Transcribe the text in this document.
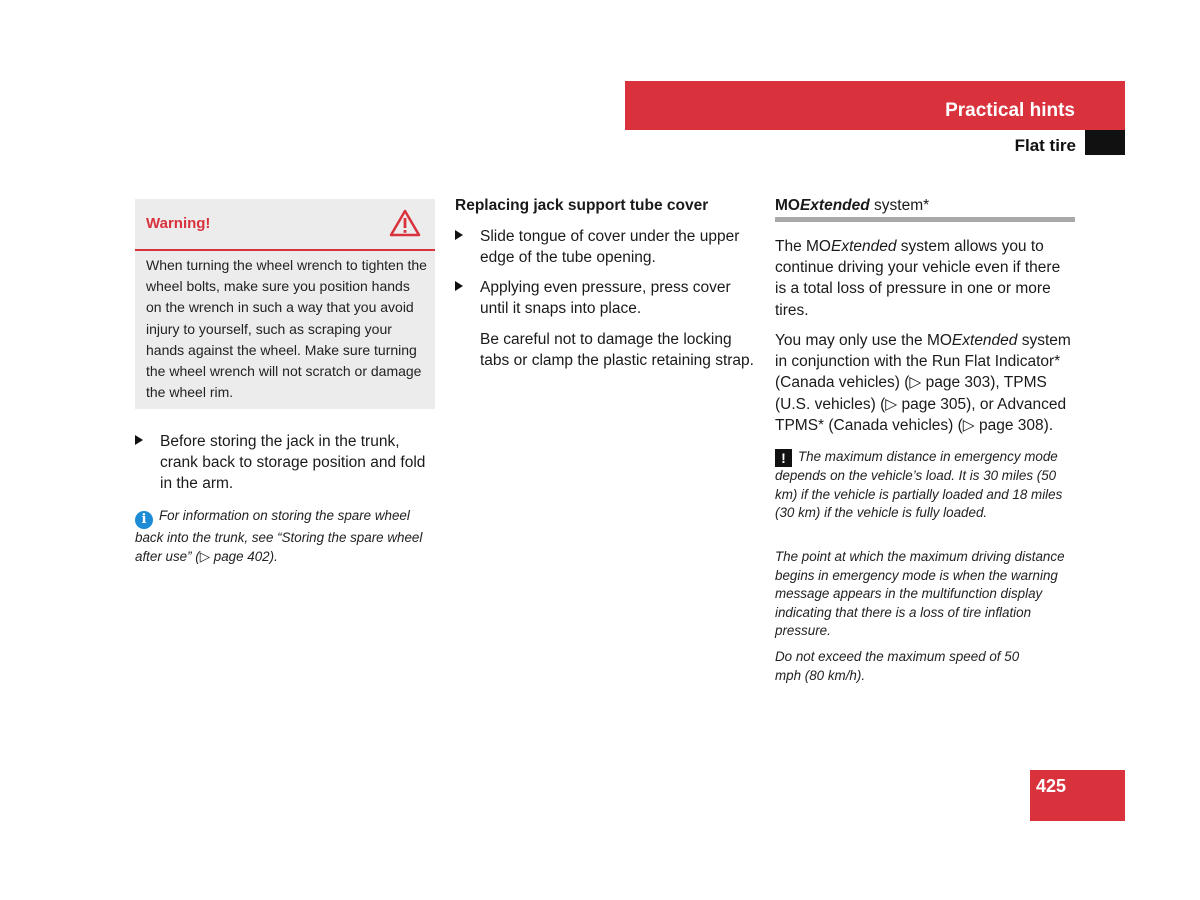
Practical hints
Flat tire
Warning!
When turning the wheel wrench to tighten the wheel bolts, make sure you position hands on the wrench in such a way that you avoid injury to yourself, such as scraping your hands against the wheel. Make sure turning the wheel wrench will not scratch or damage the wheel rim.
Before storing the jack in the trunk, crank back to storage position and fold in the arm.
i For information on storing the spare wheel back into the trunk, see “Storing the spare wheel after use” (▷ page 402).
Replacing jack support tube cover
Slide tongue of cover under the upper edge of the tube opening.
Applying even pressure, press cover until it snaps into place.
Be careful not to damage the locking tabs or clamp the plastic retaining strap.
MOExtended system*
The MOExtended system allows you to continue driving your vehicle even if there is a total loss of pressure in one or more tires.
You may only use the MOExtended system in conjunction with the Run Flat Indicator* (Canada vehicles) (▷ page 303), TPMS (U.S. vehicles) (▷ page 305), or Advanced TPMS* (Canada vehicles) (▷ page 308).
! The maximum distance in emergency mode depends on the vehicle’s load. It is 30 miles (50 km) if the vehicle is partially loaded and 18 miles (30 km) if the vehicle is fully loaded.
The point at which the maximum driving distance begins in emergency mode is when the warning message appears in the multifunction display indicating that there is a loss of tire inflation pressure.
Do not exceed the maximum speed of 50 mph (80 km/h).
425
